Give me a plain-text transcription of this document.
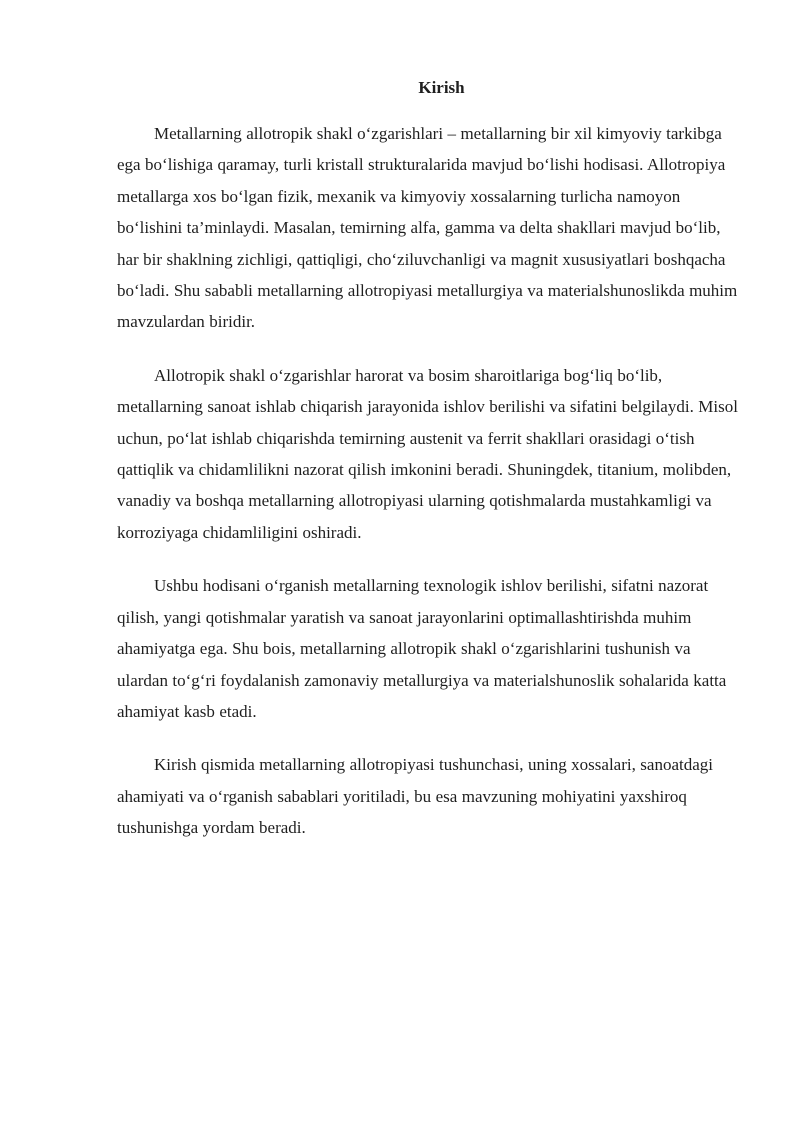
Kirish

Metallarning allotropik shakl o‘zgarishlari – metallarning bir xil kimyoviy tarkibga ega bo‘lishiga qaramay, turli kristall strukturalarida mavjud bo‘lishi hodisasi. Allotropiya metallarga xos bo‘lgan fizik, mexanik va kimyoviy xossalarning turlicha namoyon bo‘lishini ta’minlaydi. Masalan, temirning alfa, gamma va delta shakllari mavjud bo‘lib, har bir shaklning zichligi, qattiqligi, cho‘ziluvchanligi va magnit xususiyatlari boshqacha bo‘ladi. Shu sababli metallarning allotropiyasi metallurgiya va materialshunoslikda muhim mavzulardan biridir.

Allotropik shakl o‘zgarishlar harorat va bosim sharoitlariga bog‘liq bo‘lib, metallarning sanoat ishlab chiqarish jarayonida ishlov berilishi va sifatini belgilaydi. Misol uchun, po‘lat ishlab chiqarishda temirning austenit va ferrit shakllari orasidagi o‘tish qattiqlik va chidamlilikni nazorat qilish imkonini beradi. Shuningdek, titanium, molibden, vanadiy va boshqa metallarning allotropiyasi ularning qotishmalarda mustahkamligi va korroziyaga chidamliligini oshiradi.

Ushbu hodisani o‘rganish metallarning texnologik ishlov berilishi, sifatni nazorat qilish, yangi qotishmalar yaratish va sanoat jarayonlarini optimallashtirishda muhim ahamiyatga ega. Shu bois, metallarning allotropik shakl o‘zgarishlarini tushunish va ulardan to‘g‘ri foydalanish zamonaviy metallurgiya va materialshunoslik sohalarida katta ahamiyat kasb etadi.

Kirish qismida metallarning allotropiyasi tushunchasi, uning xossalari, sanoatdagi ahamiyati va o‘rganish sabablari yoritiladi, bu esa mavzuning mohiyatini yaxshiroq tushunishga yordam beradi.
